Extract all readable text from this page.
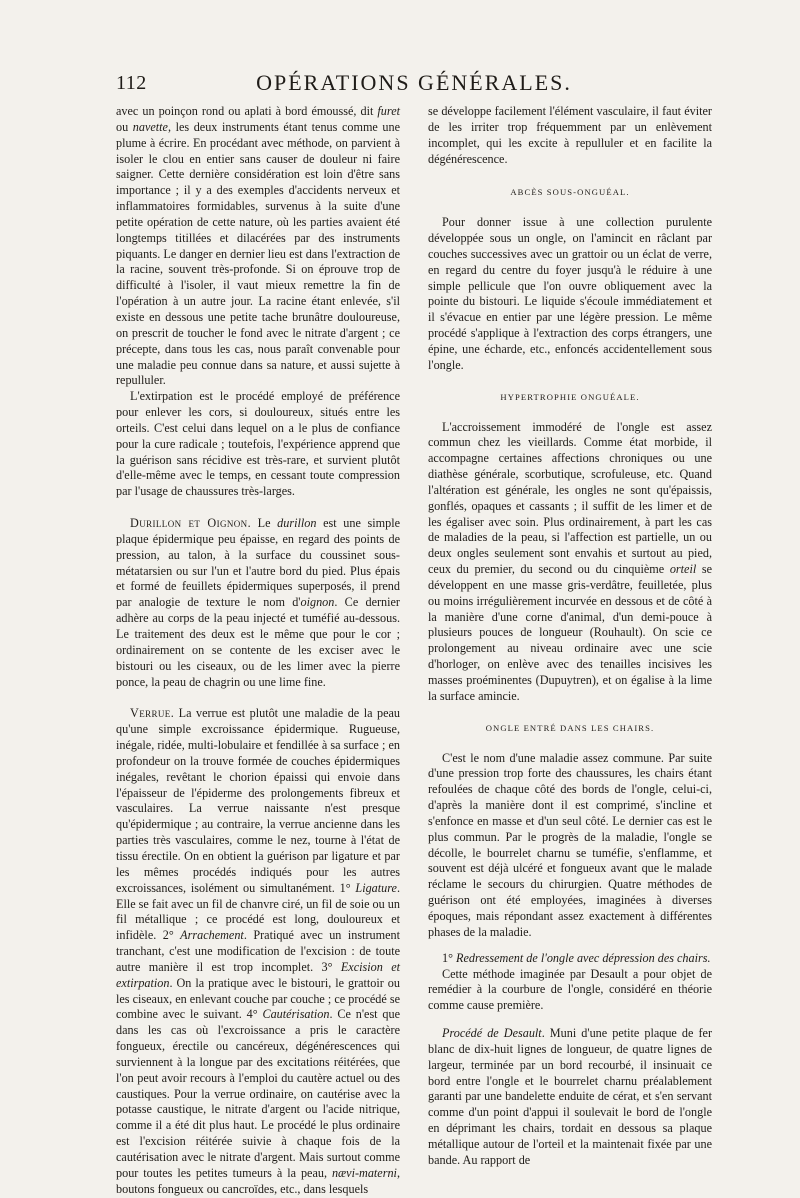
112	OPÉRATIONS GÉNÉRALES.

avec un poinçon rond ou aplati à bord émoussé, dit furet ou navette, les deux instruments étant tenus comme une plume à écrire. En procédant avec méthode, on parvient à isoler le clou en entier sans causer de douleur ni faire saigner. Cette dernière considération est loin d'être sans importance ; il y a des exemples d'accidents nerveux et inflammatoires formidables, survenus à la suite d'une petite opération de cette nature, où les parties avaient été longtemps titillées et dilacérées par des instruments piquants. Le danger en dernier lieu est dans l'extraction de la racine, souvent très-profonde. Si on éprouve trop de difficulté à l'isoler, il vaut mieux remettre la fin de l'opération à un autre jour. La racine étant enlevée, s'il existe en dessous une petite tache brunâtre douloureuse, on prescrit de toucher le fond avec le nitrate d'argent ; ce précepte, dans tous les cas, nous paraît convenable pour une maladie peu connue dans sa nature, et aussi sujette à repulluler.

L'extirpation est le procédé employé de préférence pour enlever les cors, si douloureux, situés entre les orteils. C'est celui dans lequel on a le plus de confiance pour la cure radicale ; toutefois, l'expérience apprend que la guérison sans récidive est très-rare, et survient plutôt d'elle-même avec le temps, en cessant toute compression par l'usage de chaussures très-larges.

Durillon et Oignon. Le durillon est une simple plaque épidermique peu épaisse, en regard des points de pression, au talon, à la surface du coussinet sous-métatarsien ou sur l'un et l'autre bord du pied. Plus épais et formé de feuillets épidermiques superposés, il prend par analogie de texture le nom d'oignon. Ce dernier adhère au corps de la peau injecté et tuméfié au-dessous. Le traitement des deux est le même que pour le cor ; ordinairement on se contente de les exciser avec le bistouri ou les ciseaux, ou de les limer avec la pierre ponce, la peau de chagrin ou une lime fine.

Verrue. La verrue est plutôt une maladie de la peau qu'une simple excroissance épidermique. Rugueuse, inégale, ridée, multi-lobulaire et fendillée à sa surface ; en profondeur on la trouve formée de couches épidermiques inégales, revêtant le chorion épaissi qui envoie dans l'épaisseur de l'épiderme des prolongements fibreux et vasculaires. La verrue naissante n'est presque qu'épidermique ; au contraire, la verrue ancienne dans les parties très vasculaires, comme le nez, tourne à l'état de tissu érectile. On en obtient la guérison par ligature et par les mêmes procédés indiqués pour les autres excroissances, isolément ou simultanément. 1° Ligature. Elle se fait avec un fil de chanvre ciré, un fil de soie ou un fil métallique ; ce procédé est long, douloureux et infidèle. 2° Arrachement. Pratiqué avec un instrument tranchant, c'est une modification de l'excision : de toute autre manière il est trop incomplet. 3° Excision et extirpation. On la pratique avec le bistouri, le grattoir ou les ciseaux, en enlevant couche par couche ; ce procédé se combine avec le suivant. 4° Cautérisation. Ce n'est que dans les cas où l'excroissance a pris le caractère fongueux, érectile ou cancéreux, dégénérescences qui surviennent à la longue par des excitations réitérées, que l'on peut avoir recours à l'emploi du cautère actuel ou des caustiques. Pour la verrue ordinaire, on cautérise avec la potasse caustique, le nitrate d'argent ou l'acide nitrique, comme il a été dit plus haut. Le procédé le plus ordinaire est l'excision réitérée suivie à chaque fois de la cautérisation avec le nitrate d'argent. Mais surtout comme pour toutes les petites tumeurs à la peau, nævi-materni, boutons fongueux ou cancroïdes, etc., dans lesquels

se développe facilement l'élément vasculaire, il faut éviter de les irriter trop fréquemment par un enlèvement incomplet, qui les excite à repulluler et en facilite la dégénérescence.

ABCÈS SOUS-ONGUÉAL.

Pour donner issue à une collection purulente développée sous un ongle, on l'amincit en râclant par couches successives avec un grattoir ou un éclat de verre, en regard du centre du foyer jusqu'à le réduire à une simple pellicule que l'on ouvre obliquement avec la pointe du bistouri. Le liquide s'écoule immédiatement et il s'évacue en entier par une légère pression. Le même procédé s'applique à l'extraction des corps étrangers, une épine, une écharde, etc., enfoncés accidentellement sous l'ongle.

HYPERTROPHIE ONGUÉALE.

L'accroissement immodéré de l'ongle est assez commun chez les vieillards. Comme état morbide, il accompagne certaines affections chroniques ou une diathèse générale, scorbutique, scrofuleuse, etc. Quand l'altération est générale, les ongles ne sont qu'épaissis, gonflés, opaques et cassants ; il suffit de les limer et de les égaliser avec soin. Plus ordinairement, à part les cas de maladies de la peau, si l'affection est partielle, un ou deux ongles seulement sont envahis et surtout au pied, ceux du premier, du second ou du cinquième orteil se développent en une masse gris-verdâtre, feuilletée, plus ou moins irrégulièrement incurvée en dessous et de côté à la manière d'une corne d'animal, d'un demi-pouce à plusieurs pouces de longueur (Rouhault). On scie ce prolongement au niveau ordinaire avec une scie d'horloger, on enlève avec des tenailles incisives les masses proéminentes (Dupuytren), et on égalise à la lime la surface amincie.

ONGLE ENTRÉ DANS LES CHAIRS.

C'est le nom d'une maladie assez commune. Par suite d'une pression trop forte des chaussures, les chairs étant refoulées de chaque côté des bords de l'ongle, celui-ci, d'après la manière dont il est comprimé, s'incline et s'enfonce en masse et d'un seul côté. Le dernier cas est le plus commun. Par le progrès de la maladie, l'ongle se décolle, le bourrelet charnu se tuméfie, s'enflamme, et souvent est déjà ulcéré et fongueux avant que le malade réclame le secours du chirurgien. Quatre méthodes de guérison ont été employées, imaginées à diverses époques, mais répondant assez exactement à différentes phases de la maladie.

1° Redressement de l'ongle avec dépression des chairs.

Cette méthode imaginée par Desault a pour objet de remédier à la courbure de l'ongle, considéré en théorie comme cause première.

Procédé de Desault. Muni d'une petite plaque de fer blanc de dix-huit lignes de longueur, de quatre lignes de largeur, terminée par un bord recourbé, il insinuait ce bord entre l'ongle et le bourrelet charnu préalablement garanti par une bandelette enduite de cérat, et s'en servant comme d'un point d'appui il soulevait le bord de l'ongle en déprimant les chairs, tordait en dessous sa plaque métallique autour de l'orteil et la maintenait fixée par une bande. Au rapport de
